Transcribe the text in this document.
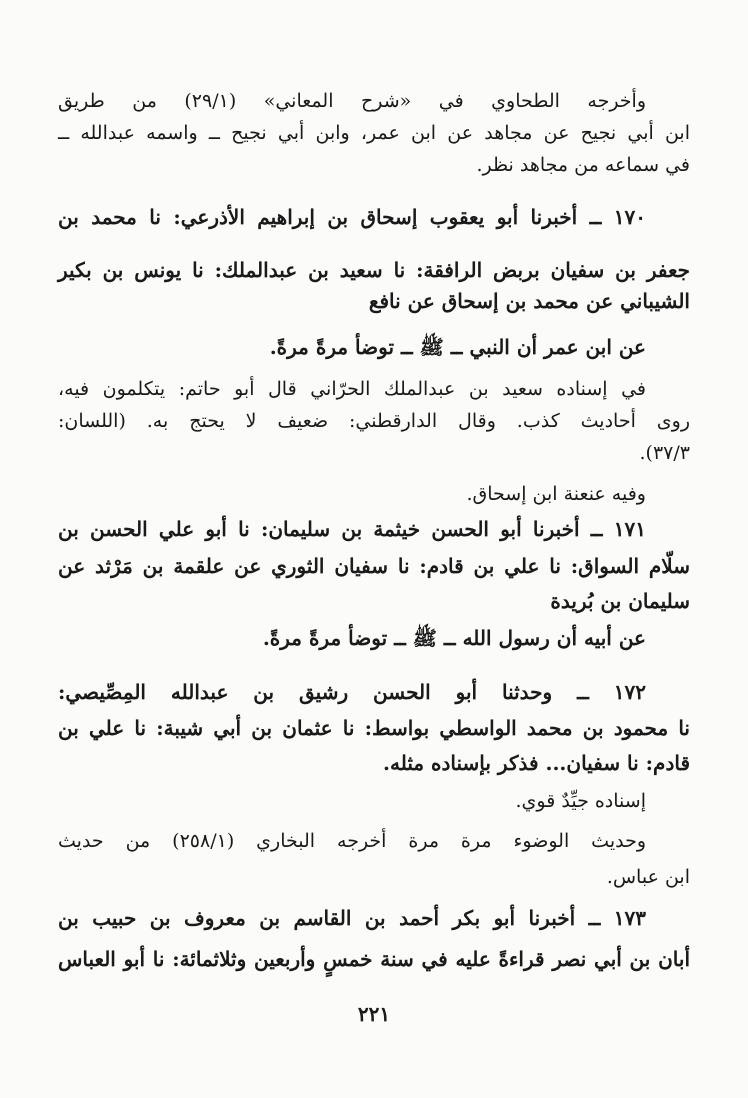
وأخرجه الطحاوي في «شرح المعاني» (٢٩/١) من طريق
ابن أبي نجيح عن مجاهد عن ابن عمر، وابن أبي نجيح ــ واسمه عبدالله ــ
في سماعه من مجاهد نظر.
١٧٠ ــ أخبرنا أبو يعقوب إسحاق بن إبراهيم الأذرعي: نا محمد بن
جعفر بن سفيان بربض الرافقة: نا سعيد بن عبدالملك: نا يونس بن بكير
الشيباني عن محمد بن إسحاق عن نافع
عن ابن عمر أن النبي ــ ﷺ ــ توضأ مرةً مرةً.
في إسناده سعيد بن عبدالملك الحرّاني قال أبو حاتم: يتكلمون فيه،
روى أحاديث كذب. وقال الدارقطني: ضعيف لا يحتج به. (اللسان:
٣٧/٣).
وفيه عنعنة ابن إسحاق.
١٧١ ــ أخبرنا أبو الحسن خيثمة بن سليمان: نا أبو علي الحسن بن
سلّام السواق: نا علي بن قادم: نا سفيان الثوري عن علقمة بن مَرْثد عن
سليمان بن بُريدة
عن أبيه أن رسول الله ــ ﷺ ــ توضأ مرةً مرةً.
١٧٢ ــ وحدثنا أبو الحسن رشيق بن عبدالله المِصِّيصي:
نا محمود بن محمد الواسطي بواسط: نا عثمان بن أبي شيبة: نا علي بن
قادم: نا سفيان... فذكر بإسناده مثله.
إسناده جيِّدٌ قوي.
وحديث الوضوء مرة مرة أخرجه البخاري (٢٥٨/١) من حديث
ابن عباس.
١٧٣ ــ أخبرنا أبو بكر أحمد بن القاسم بن معروف بن حبيب بن
أبان بن أبي نصر قراءةً عليه في سنة خمسٍ وأربعين وثلاثمائة: نا أبو العباس
٢٢١
